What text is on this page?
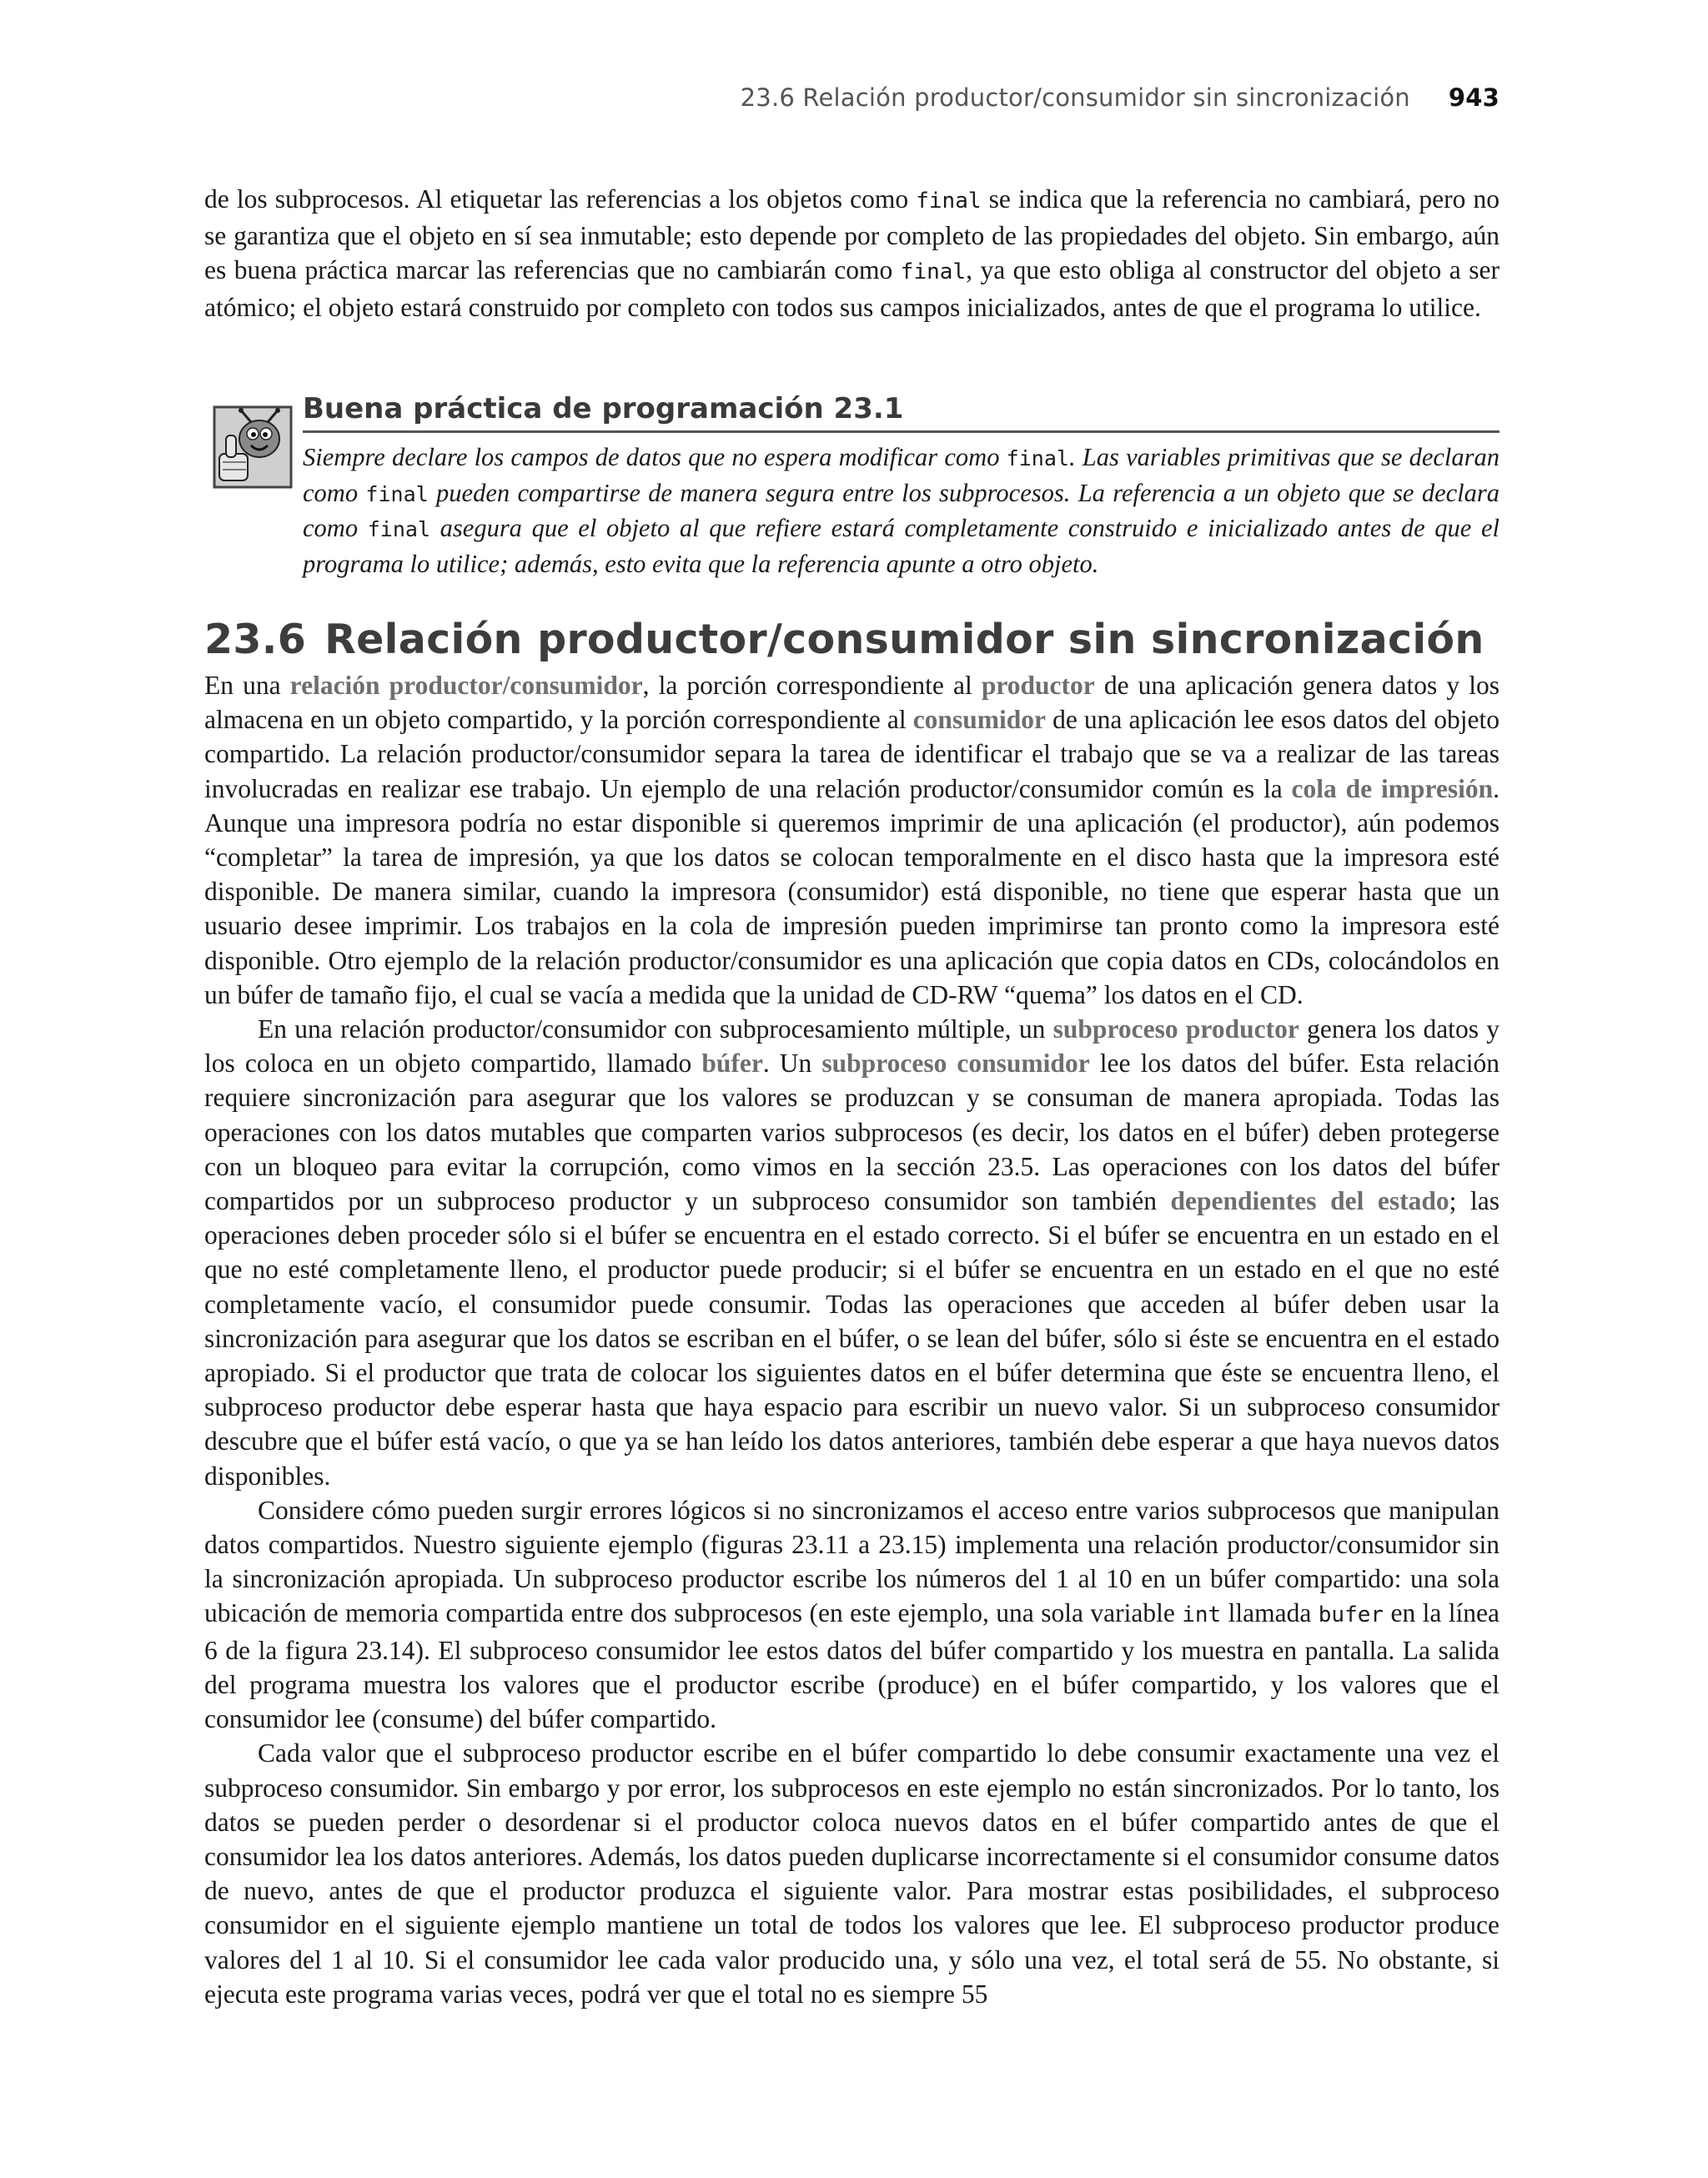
23.6 Relación productor/consumidor sin sincronización 943

de los subprocesos. Al etiquetar las referencias a los objetos como final se indica que la referencia no cambiará, pero no se garantiza que el objeto en sí sea inmutable; esto depende por completo de las propiedades del objeto. Sin embargo, aún es buena práctica marcar las referencias que no cambiarán como final, ya que esto obliga al constructor del objeto a ser atómico; el objeto estará construido por completo con todos sus campos inicializados, antes de que el programa lo utilice.

Buena práctica de programación 23.1
Siempre declare los campos de datos que no espera modificar como final. Las variables primitivas que se declaran como final pueden compartirse de manera segura entre los subprocesos. La referencia a un objeto que se declara como final asegura que el objeto al que refiere estará completamente construido e inicializado antes de que el programa lo utilice; además, esto evita que la referencia apunte a otro objeto.
23.6 Relación productor/consumidor sin sincronización

En una relación productor/consumidor, la porción correspondiente al productor de una aplicación genera datos y los almacena en un objeto compartido, y la porción correspondiente al consumidor de una aplicación lee esos datos del objeto compartido. La relación productor/consumidor separa la tarea de identificar el trabajo que se va a realizar de las tareas involucradas en realizar ese trabajo. Un ejemplo de una relación productor/consumidor común es la cola de impresión. Aunque una impresora podría no estar disponible si queremos imprimir de una aplicación (el productor), aún podemos “completar” la tarea de impresión, ya que los datos se colocan temporalmente en el disco hasta que la impresora esté disponible. De manera similar, cuando la impresora (consumidor) está disponible, no tiene que esperar hasta que un usuario desee imprimir. Los trabajos en la cola de impresión pueden imprimirse tan pronto como la impresora esté disponible. Otro ejemplo de la relación productor/consumidor es una aplicación que copia datos en CDs, colocándolos en un búfer de tamaño fijo, el cual se vacía a medida que la unidad de CD-RW “quema” los datos en el CD.

En una relación productor/consumidor con subprocesamiento múltiple, un subproceso productor genera los datos y los coloca en un objeto compartido, llamado búfer. Un subproceso consumidor lee los datos del búfer. Esta relación requiere sincronización para asegurar que los valores se produzcan y se consuman de manera apropiada. Todas las operaciones con los datos mutables que comparten varios subprocesos (es decir, los datos en el búfer) deben protegerse con un bloqueo para evitar la corrupción, como vimos en la sección 23.5. Las operaciones con los datos del búfer compartidos por un subproceso productor y un subproceso consumidor son también dependientes del estado; las operaciones deben proceder sólo si el búfer se encuentra en el estado correcto. Si el búfer se encuentra en un estado en el que no esté completamente lleno, el productor puede producir; si el búfer se encuentra en un estado en el que no esté completamente vacío, el consumidor puede consumir. Todas las operaciones que acceden al búfer deben usar la sincronización para asegurar que los datos se escriban en el búfer, o se lean del búfer, sólo si éste se encuentra en el estado apropiado. Si el productor que trata de colocar los siguientes datos en el búfer determina que éste se encuentra lleno, el subproceso productor debe esperar hasta que haya espacio para escribir un nuevo valor. Si un subproceso consumidor descubre que el búfer está vacío, o que ya se han leído los datos anteriores, también debe esperar a que haya nuevos datos disponibles.

Considere cómo pueden surgir errores lógicos si no sincronizamos el acceso entre varios subprocesos que manipulan datos compartidos. Nuestro siguiente ejemplo (figuras 23.11 a 23.15) implementa una relación productor/consumidor sin la sincronización apropiada. Un subproceso productor escribe los números del 1 al 10 en un búfer compartido: una sola ubicación de memoria compartida entre dos subprocesos (en este ejemplo, una sola variable int llamada bufer en la línea 6 de la figura 23.14). El subproceso consumidor lee estos datos del búfer compartido y los muestra en pantalla. La salida del programa muestra los valores que el productor escribe (produce) en el búfer compartido, y los valores que el consumidor lee (consume) del búfer compartido.

Cada valor que el subproceso productor escribe en el búfer compartido lo debe consumir exactamente una vez el subproceso consumidor. Sin embargo y por error, los subprocesos en este ejemplo no están sincronizados. Por lo tanto, los datos se pueden perder o desordenar si el productor coloca nuevos datos en el búfer compartido antes de que el consumidor lea los datos anteriores. Además, los datos pueden duplicarse incorrectamente si el consumidor consume datos de nuevo, antes de que el productor produzca el siguiente valor. Para mostrar estas posibilidades, el subproceso consumidor en el siguiente ejemplo mantiene un total de todos los valores que lee. El subproceso productor produce valores del 1 al 10. Si el consumidor lee cada valor producido una, y sólo una vez, el total será de 55. No obstante, si ejecuta este programa varias veces, podrá ver que el total no es siempre 55
